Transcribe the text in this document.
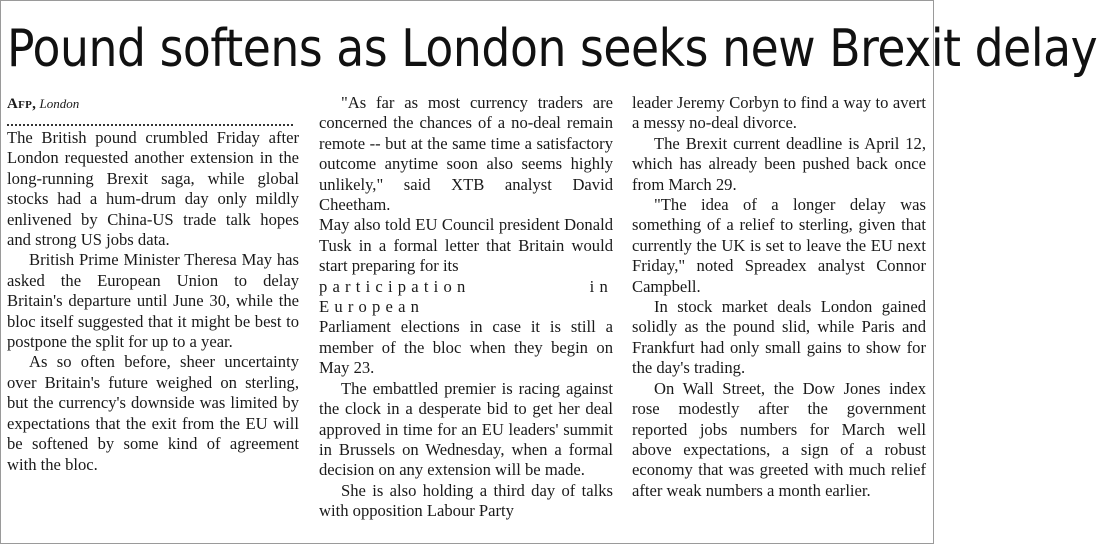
Pound softens as London seeks new Brexit delay
Afp, London

The British pound crumbled Friday after London requested another extension in the long-running Brexit saga, while global stocks had a hum-drum day only mildly enlivened by China-US trade talk hopes and strong US jobs data.

British Prime Minister Theresa May has asked the European Union to delay Britain's departure until June 30, while the bloc itself suggested that it might be best to postpone the split for up to a year.

As so often before, sheer uncertainty over Britain's future weighed on sterling, but the currency's downside was limited by expectations that the exit from the EU will be softened by some kind of agreement with the bloc.

"As far as most currency traders are concerned the chances of a no-deal remain remote -- but at the same time a satisfactory outcome anytime soon also seems highly unlikely," said XTB analyst David Cheetham.

May also told EU Council president Donald Tusk in a formal letter that Britain would start preparing for its

participation in European

Parliament elections in case it is still a member of the bloc when they begin on May 23.

The embattled premier is racing against the clock in a desperate bid to get her deal approved in time for an EU leaders' summit in Brussels on Wednesday, when a formal decision on any extension will be made.

She is also holding a third day of talks with opposition Labour Party

leader Jeremy Corbyn to find a way to avert a messy no-deal divorce.

The Brexit current deadline is April 12, which has already been pushed back once from March 29.

"The idea of a longer delay was something of a relief to sterling, given that currently the UK is set to leave the EU next Friday," noted Spreadex analyst Connor Campbell.

In stock market deals London gained solidly as the pound slid, while Paris and Frankfurt had only small gains to show for the day's trading.

On Wall Street, the Dow Jones index rose modestly after the government reported jobs numbers for March well above expectations, a sign of a robust economy that was greeted with much relief after weak numbers a month earlier.
